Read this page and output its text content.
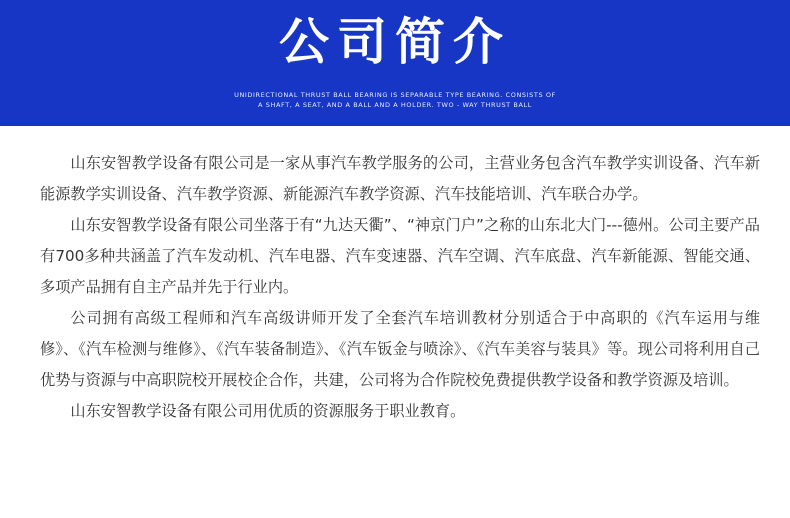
公司简介
UNIDIRECTIONAL THRUST BALL BEARING IS SEPARABLE TYPE BEARING. CONSISTS OF
A SHAFT, A SEAT, AND A BALL AND A HOLDER. TWO - WAY THRUST BALL

山东安智教学设备有限公司是一家从事汽车教学服务的公司，主营业务包含汽车教学实训设备、汽车新能源教学实训设备、汽车教学资源、新能源汽车教学资源、汽车技能培训、汽车联合办学。

山东安智教学设备有限公司坐落于有“九达天衢”、“神京门户”之称的山东北大门---德州。公司主要产品有700多种共涵盖了汽车发动机、汽车电器、汽车变速器、汽车空调、汽车底盘、汽车新能源、智能交通、多项产品拥有自主产品并先于行业内。

公司拥有高级工程师和汽车高级讲师开发了全套汽车培训教材分别适合于中高职的《汽车运用与维修》、《汽车检测与维修》、《汽车装备制造》、《汽车钣金与喷涂》、《汽车美容与装具》等。现公司将利用自己优势与资源与中高职院校开展校企合作，共建，公司将为合作院校免费提供教学设备和教学资源及培训。

山东安智教学设备有限公司用优质的资源服务于职业教育。
